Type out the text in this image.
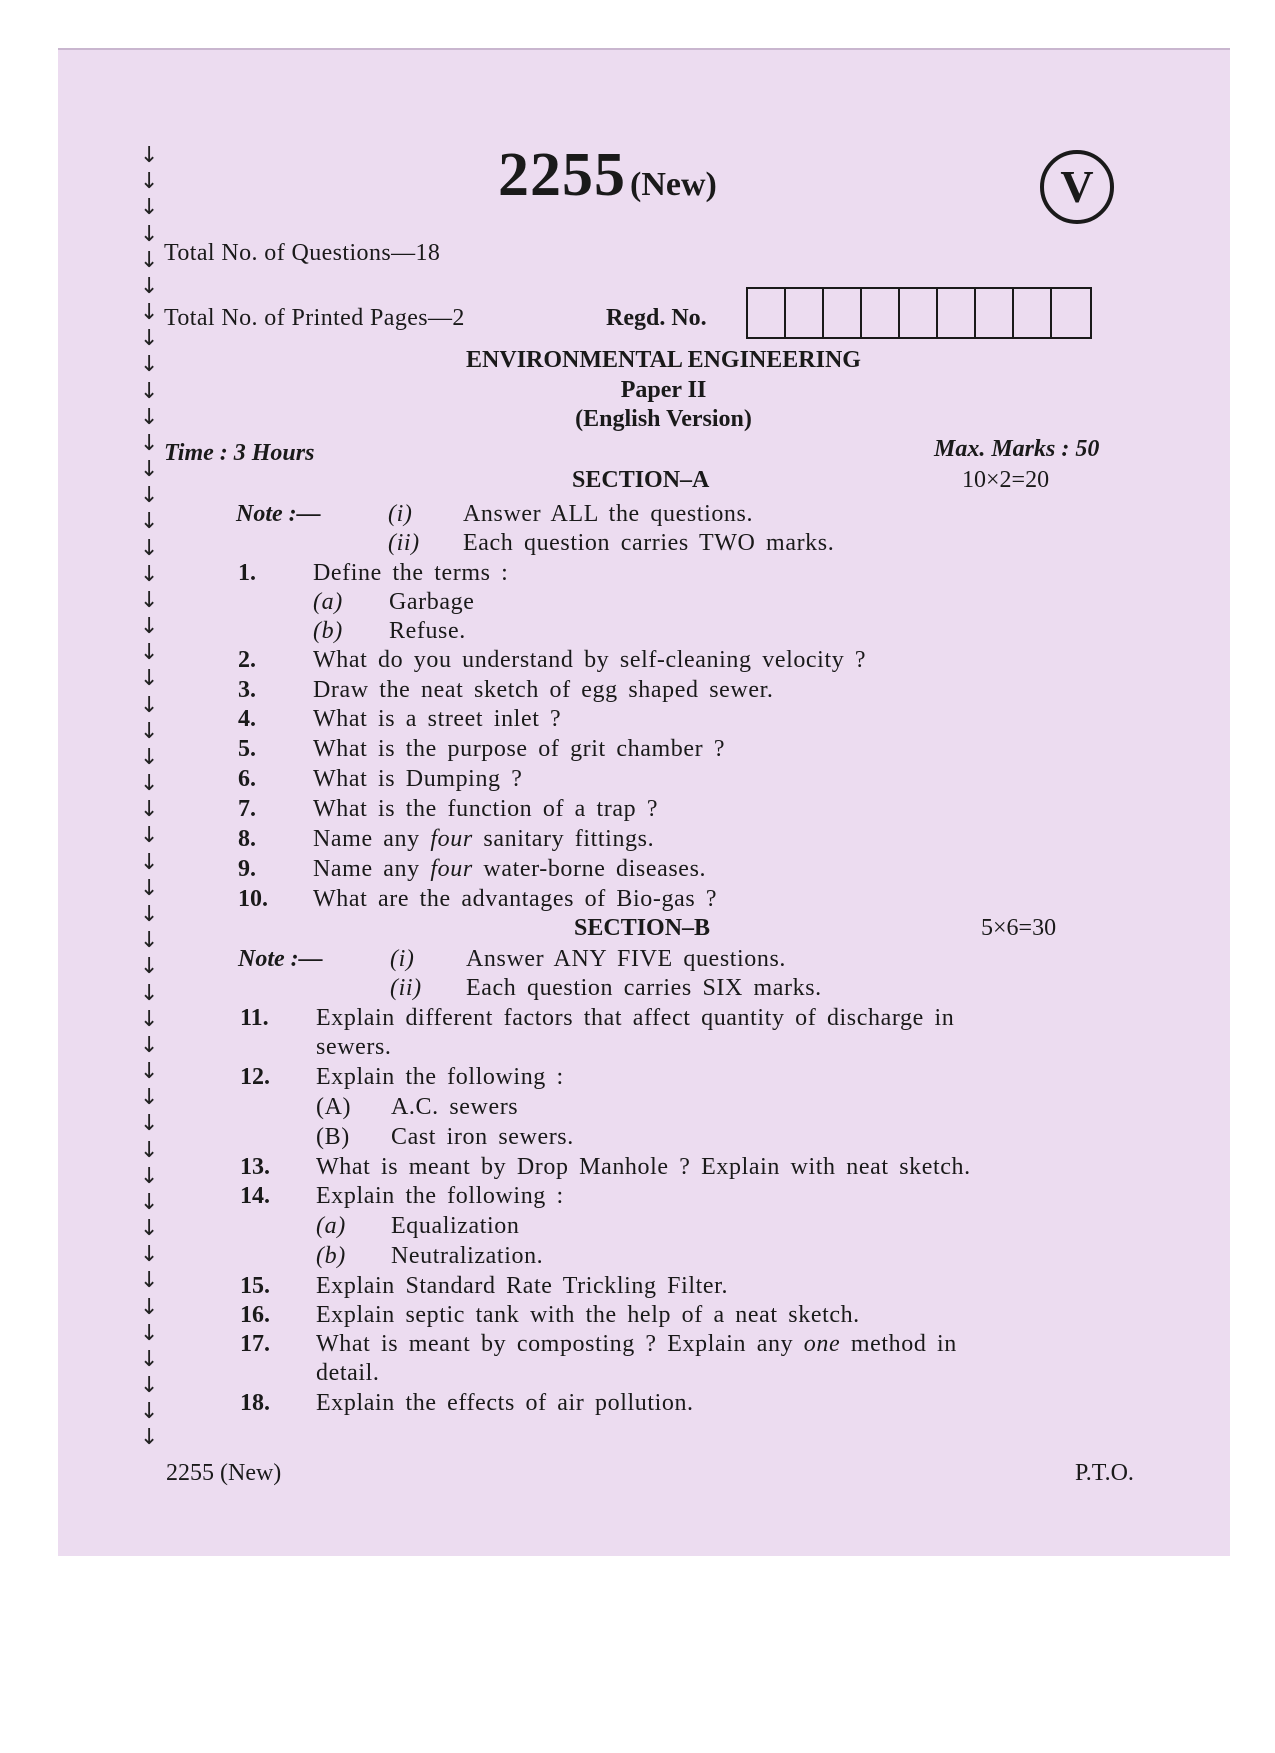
↓
↓
↓
↓
↓
↓
↓
↓
↓
↓
↓
↓
↓
↓
↓
↓
↓
↓
↓
↓
↓
↓
↓
↓
↓
↓
↓
↓
↓
↓
↓
↓
↓
↓
↓
↓
↓
↓
↓
↓
↓
↓
↓
↓
↓
↓
↓
↓
↓
↓
2255 (New)	V
Total No. of Questions—18
Total No. of Printed Pages—2	Regd. No.
ENVIRONMENTAL ENGINEERING
Paper II
(English Version)
Time : 3 Hours	Max. Marks : 50
SECTION–A	10×2=20
Note :—	(i) Answer ALL the questions.
(ii) Each question carries TWO marks.
1. Define the terms :
(a) Garbage
(b) Refuse.
2. What do you understand by self-cleaning velocity ?
3. Draw the neat sketch of egg shaped sewer.
4. What is a street inlet ?
5. What is the purpose of grit chamber ?
6. What is Dumping ?
7. What is the function of a trap ?
8. Name any four sanitary fittings.
9. Name any four water-borne diseases.
10. What are the advantages of Bio-gas ?
SECTION–B	5×6=30
Note :—	(i) Answer ANY FIVE questions.
(ii) Each question carries SIX marks.
11. Explain different factors that affect quantity of discharge in
sewers.
12. Explain the following :
(A) A.C. sewers
(B) Cast iron sewers.
13. What is meant by Drop Manhole ? Explain with neat sketch.
14. Explain the following :
(a) Equalization
(b) Neutralization.
15. Explain Standard Rate Trickling Filter.
16. Explain septic tank with the help of a neat sketch.
17. What is meant by composting ? Explain any one method in
detail.
18. Explain the effects of air pollution.
2255 (New)	P.T.O.
